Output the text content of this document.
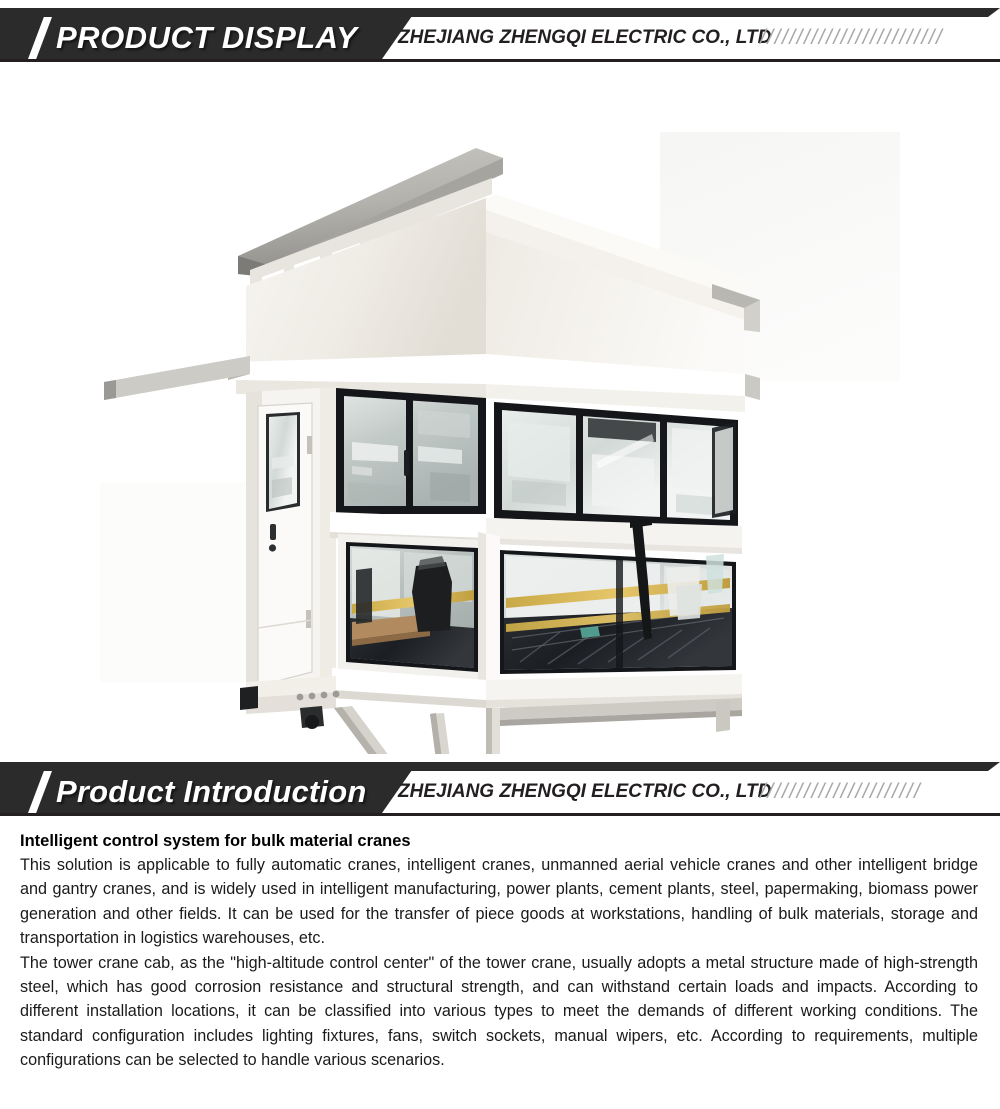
PRODUCT DISPLAY ZHEJIANG ZHENGQI ELECTRIC CO., LTD
/////////////////////////
Product Introduction ZHEJIANG ZHENGQI ELECTRIC CO., LTD
//////////////////////

Intelligent control system for bulk material cranes

This solution is applicable to fully automatic cranes, intelligent cranes, unmanned aerial vehicle cranes and other intelligent bridge and gantry cranes, and is widely used in intelligent manufacturing, power plants, cement plants, steel, papermaking, biomass power generation and other fields. It can be used for the transfer of piece goods at workstations, handling of bulk materials, storage and transportation in logistics warehouses, etc.

The tower crane cab, as the "high-altitude control center" of the tower crane, usually adopts a metal structure made of high-strength steel, which has good corrosion resistance and structural strength, and can withstand certain loads and impacts. According to different installation locations, it can be classified into various types to meet the demands of different working conditions. The standard configuration includes lighting fixtures, fans, switch sockets, manual wipers, etc. According to requirements, multiple configurations can be selected to handle various scenarios.
